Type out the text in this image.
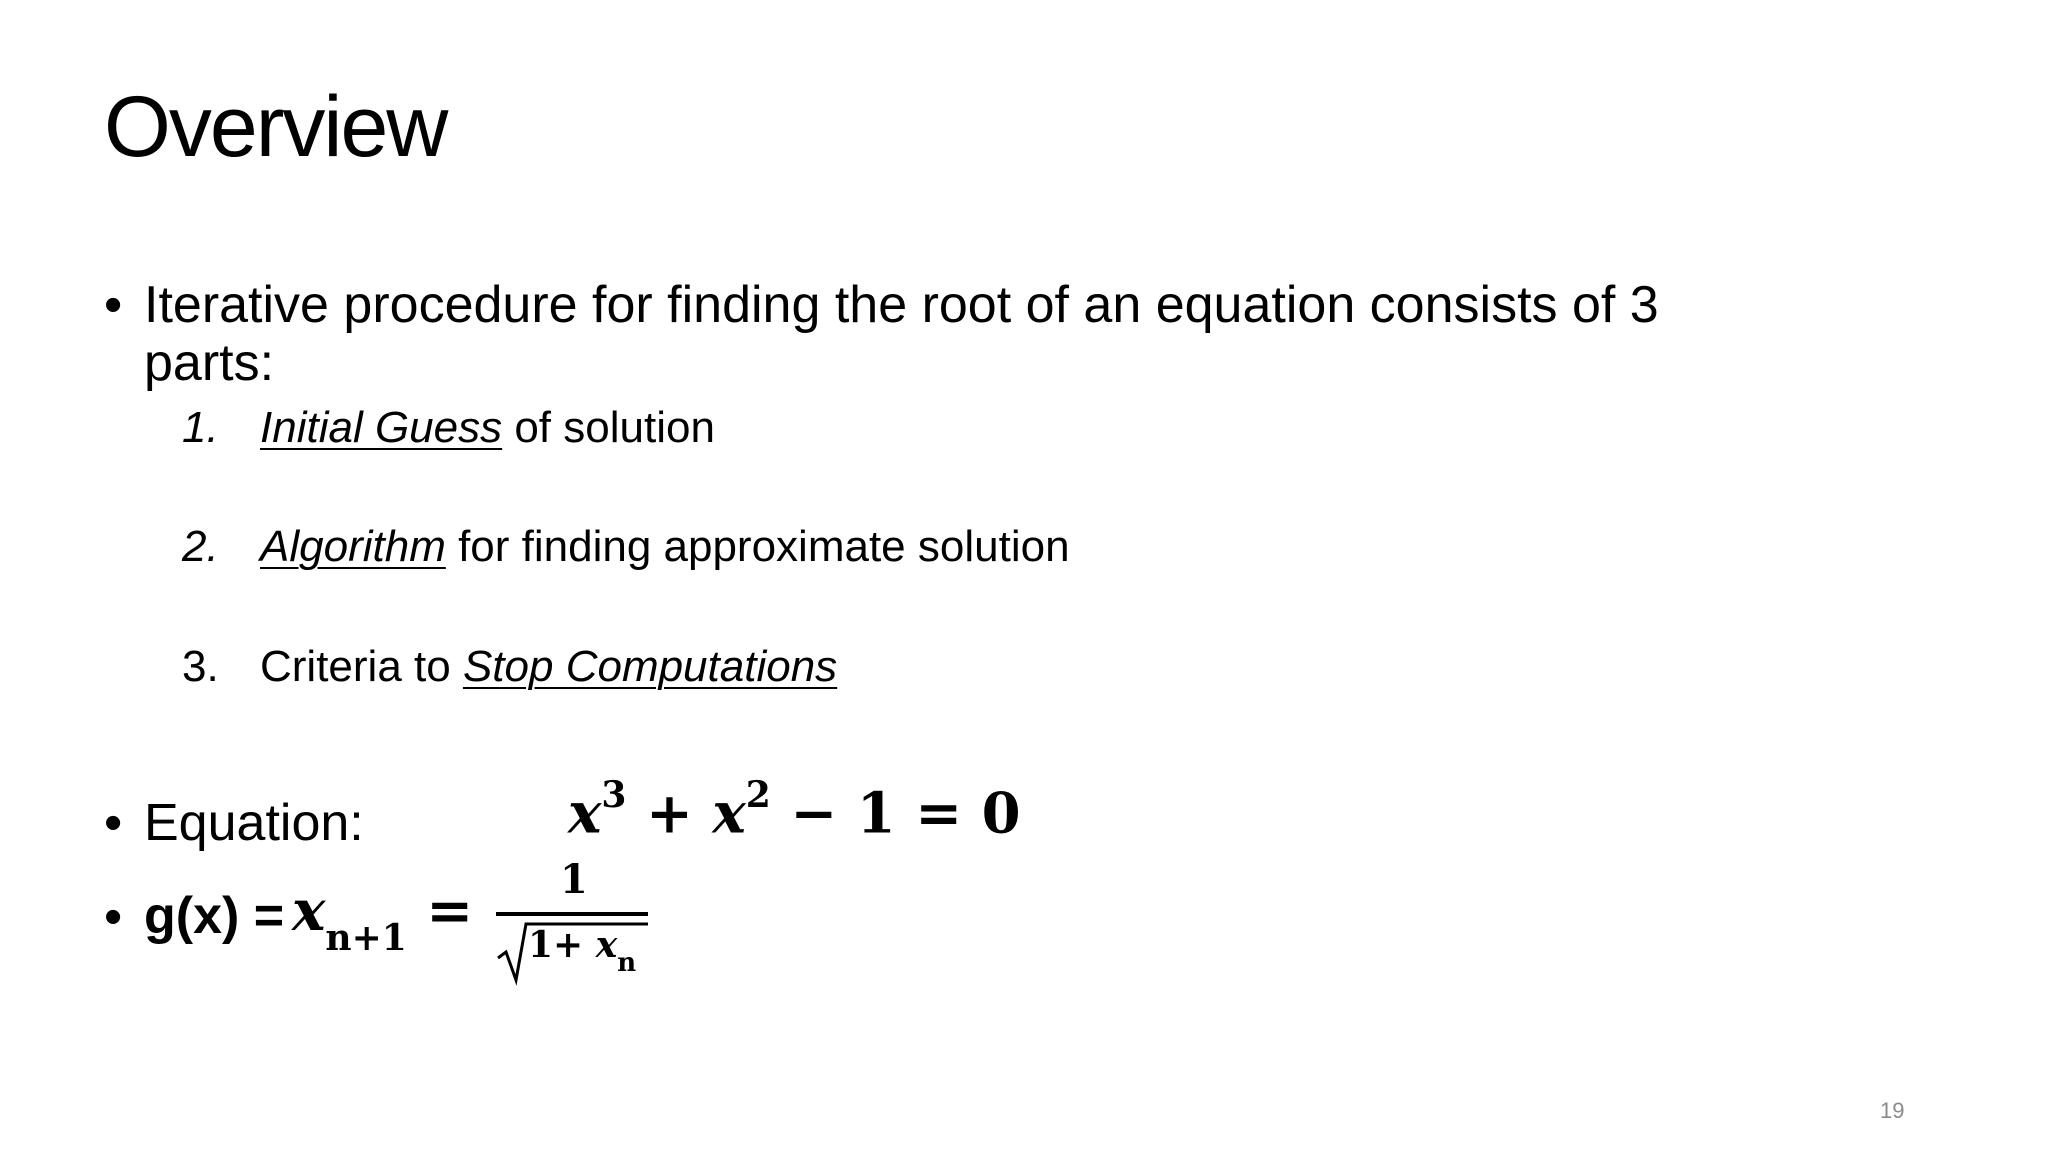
Overview
• Iterative procedure for finding the root of an equation consists of 3
parts:
1. Initial Guess of solution
2. Algorithm for finding approximate solution
3. Criteria to Stop Computations
• Equation:	$x^3 + x^2 - 1 = 0$
• $g(x) = x_{n+1} = 1$
$1+ x_n$
19
